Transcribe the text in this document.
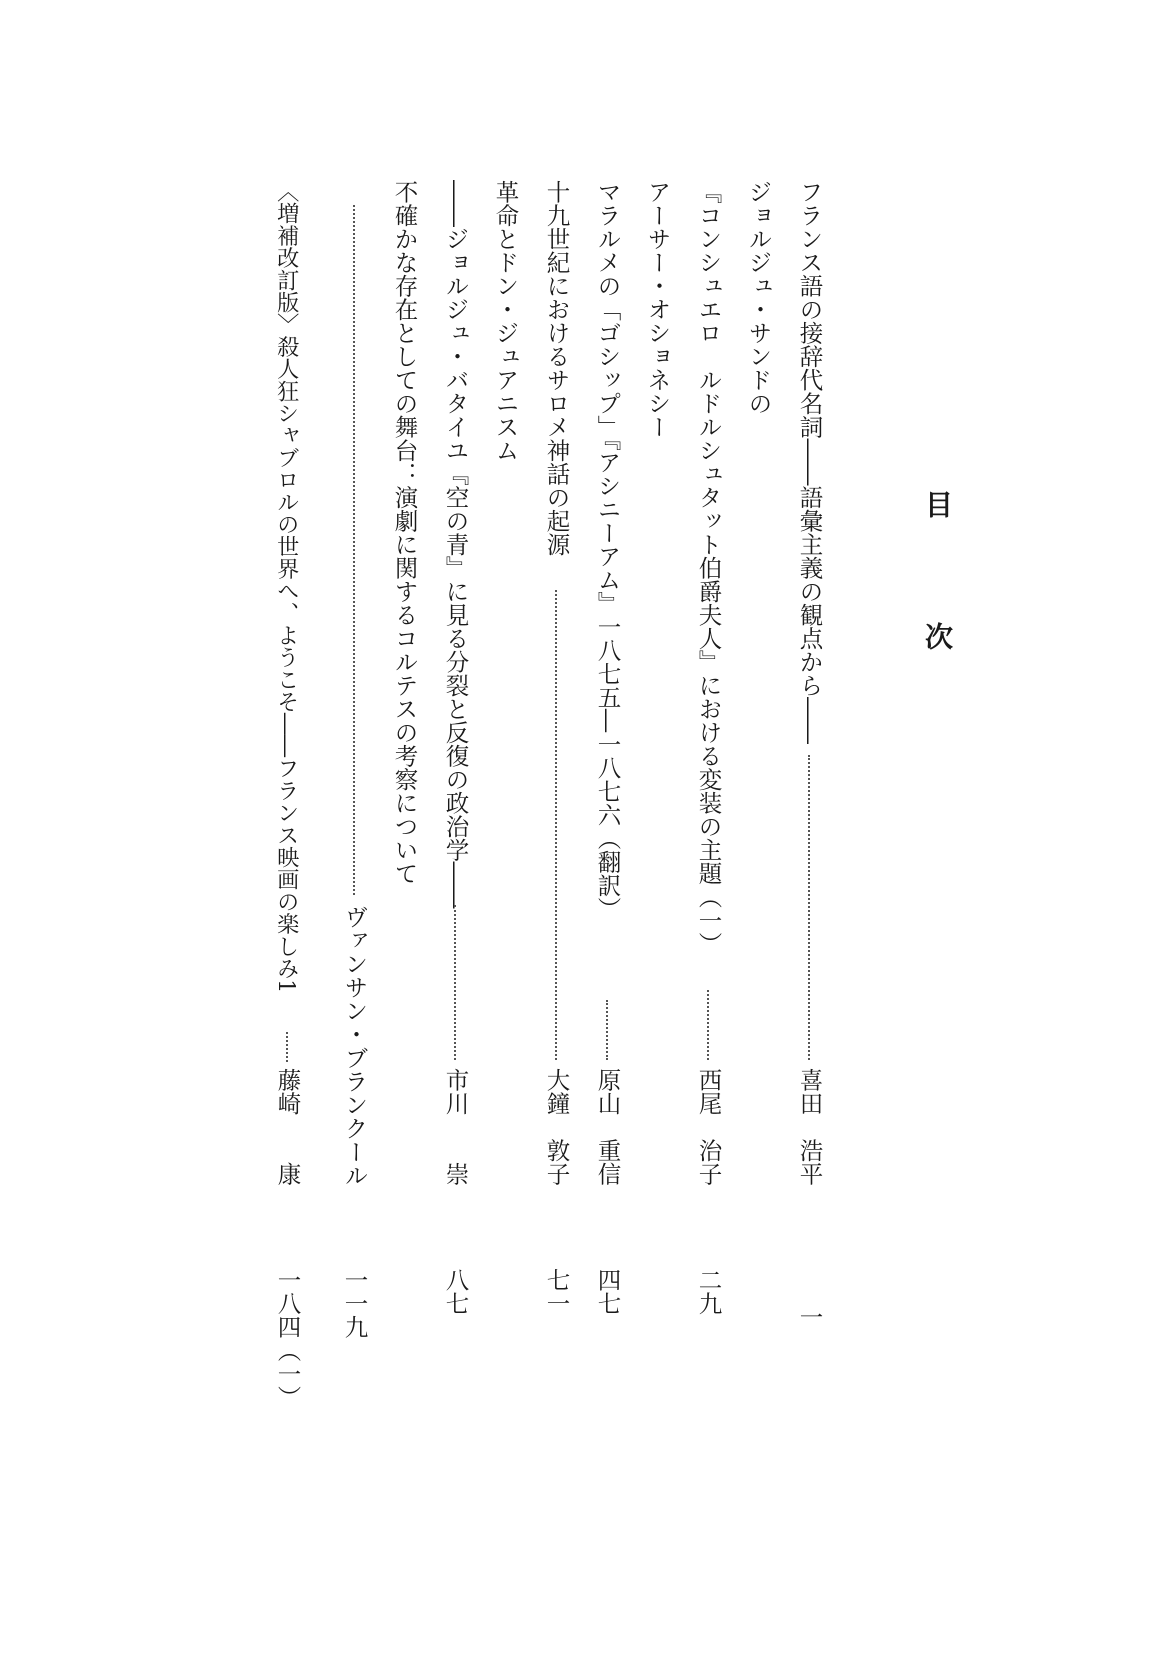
目　次
フランス語の接辞代名詞――語彙主義の観点から――
喜田　浩平
一
ジョルジュ・サンドの
『コンシュエロ　ルドルシュタット伯爵夫人』における変装の主題（一）
西尾　治子
二九
アーサー・オショネシー
マラルメの「ゴシップ」『アシニーアム』一八七五―一八七六（翻訳）
原山　重信
四七
十九世紀におけるサロメ神話の起源
大鐘　敦子
七一
革命とドン・ジュアニスム
――ジョルジュ・バタイユ『空の青』に見る分裂と反復の政治学――
市川　　崇
八七
不確かな存在としての舞台：演劇に関するコルテスの考察について
ヴァンサン・ブランクール
一一九
〈増補改訂版〉殺人狂シャブロルの世界へ、ようこそ――フランス映画の楽しみ1
藤崎　　康
一八四（一）
